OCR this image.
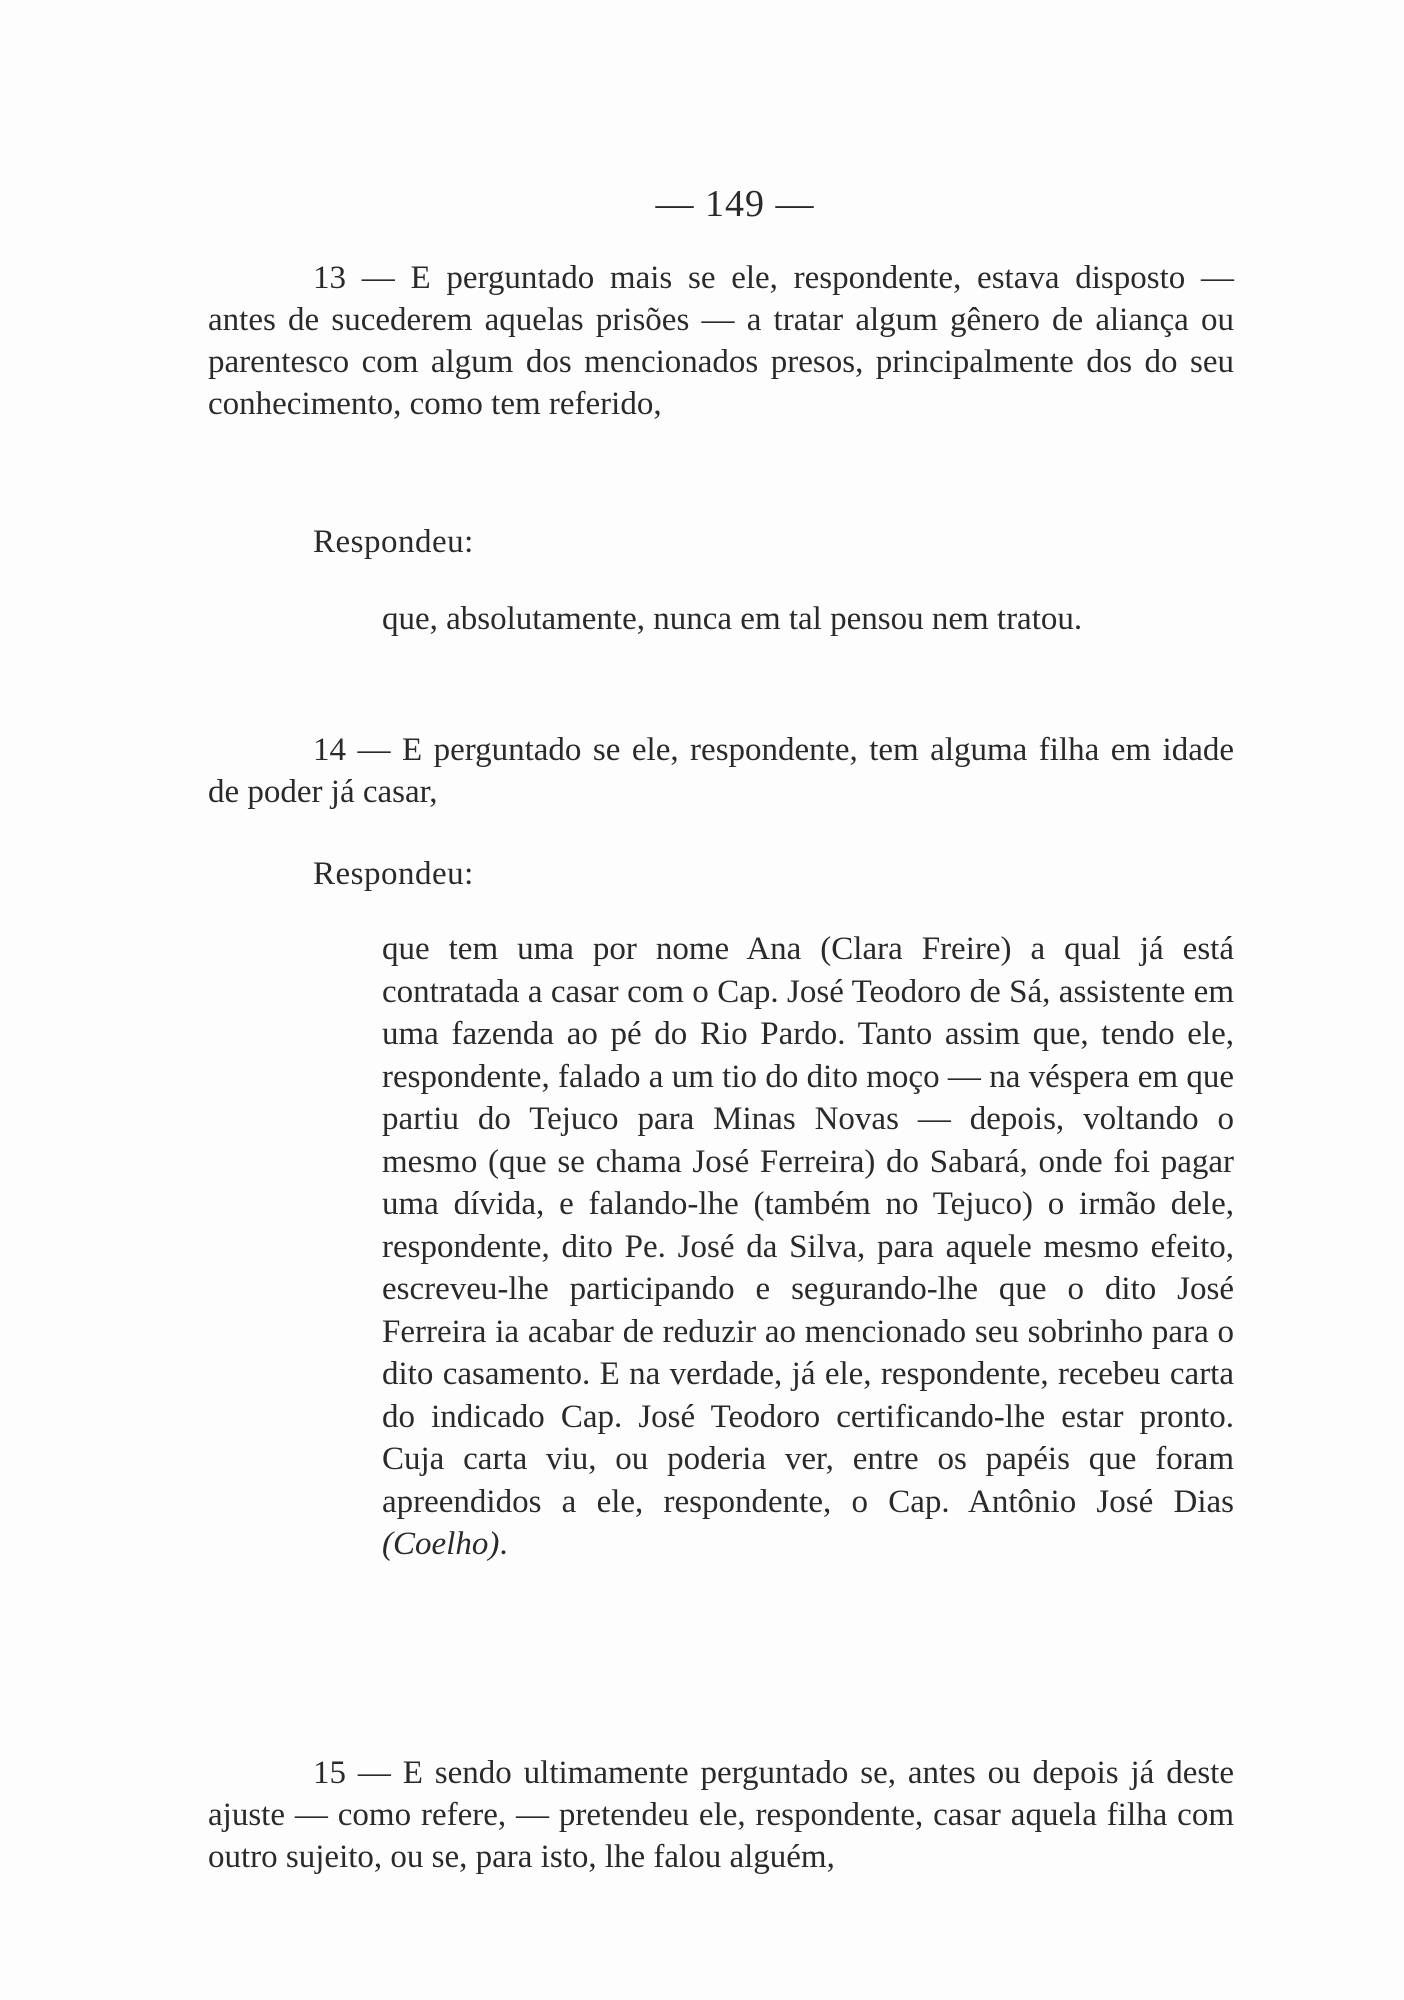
— 149 —

13 — E perguntado mais se ele, respondente, estava disposto — antes de sucederem aquelas prisões — a tratar algum gênero de aliança ou parentesco com algum dos mencionados presos, principalmente dos do seu conhecimento, como tem referido,

Respondeu:

que, absolutamente, nunca em tal pensou nem tratou.

14 — E perguntado se ele, respondente, tem alguma filha em idade de poder já casar,

Respondeu:

que tem uma por nome Ana (Clara Freire) a qual já está contratada a casar com o Cap. José Teodoro de Sá, assistente em uma fazenda ao pé do Rio Pardo. Tanto assim que, tendo ele, respondente, falado a um tio do dito moço — na véspera em que partiu do Tejuco para Minas Novas — depois, voltando o mesmo (que se chama José Ferreira) do Sabará, onde foi pagar uma dívida, e falando-lhe (também no Tejuco) o irmão dele, respondente, dito Pe. José da Silva, para aquele mesmo efeito, escreveu-lhe participando e segurando-lhe que o dito José Ferreira ia acabar de reduzir ao mencionado seu sobrinho para o dito casamento. E na verdade, já ele, respondente, recebeu carta do indicado Cap. José Teodoro certificando-lhe estar pronto. Cuja carta viu, ou poderia ver, entre os papéis que foram apreendidos a ele, respondente, o Cap. Antônio José Dias (Coelho).

15 — E sendo ultimamente perguntado se, antes ou depois já deste ajuste — como refere, — pretendeu ele, respondente, casar aquela filha com outro sujeito, ou se, para isto, lhe falou alguém,
